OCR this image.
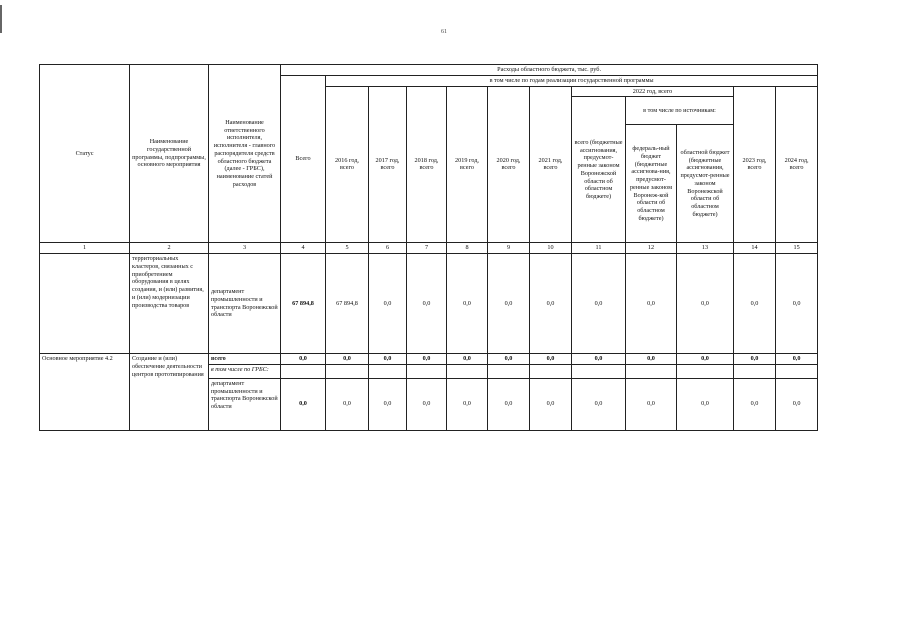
61
Статус	Наименование государственной программы, подпрограммы, основного мероприятия	Наименование ответственного исполнителя, исполнителя - главного распорядителя средств областного бюджета (далее - ГРБС), наименование статей расходов	Расходы областного бюджета, тыс. руб.											
			Всего	в том числе по годам реализации государственной программы										
				2016 год, всего	2017 год, всего	2018 год, всего	2019 год, всего	2020 год, всего	2021 год, всего	2022 год, всего			2023 год, всего	2024 год, всего
										всего (бюджетные ассигнования, предусмот-ренные законом Воронежской области об областном бюджете)	в том числе по источникам:			
											федераль-ный бюджет (бюджетные ассигнова-ния, предусмот-ренные законом Воронеж-кой области об областном бюджете)	областной бюджет (бюджетные ассигнования, предусмот-ренные законом Воронежской области об областном бюджете)		
1	2	3	4	5	6	7	8	9	10	11	12	13	14	15
	территориальных кластеров, связанных с приобретением оборудования в целях создания, и (или) развития, и (или) модернизации производства товаров	департамент промышленности и транспорта Воронежской области	67 894,8	67 894,8	0,0	0,0	0,0	0,0	0,0	0,0	0,0	0,0	0,0	0,0
Основное мероприятие 4.2	Создание и (или) обеспечение деятельности центров прототипирования	всего	0,0	0,0	0,0	0,0	0,0	0,0	0,0	0,0	0,0	0,0	0,0	0,0
		в том числе по ГРБС:												
		департамент промышленности и транспорта Воронежской области	0,0	0,0	0,0	0,0	0,0	0,0	0,0	0,0	0,0	0,0	0,0	0,0
